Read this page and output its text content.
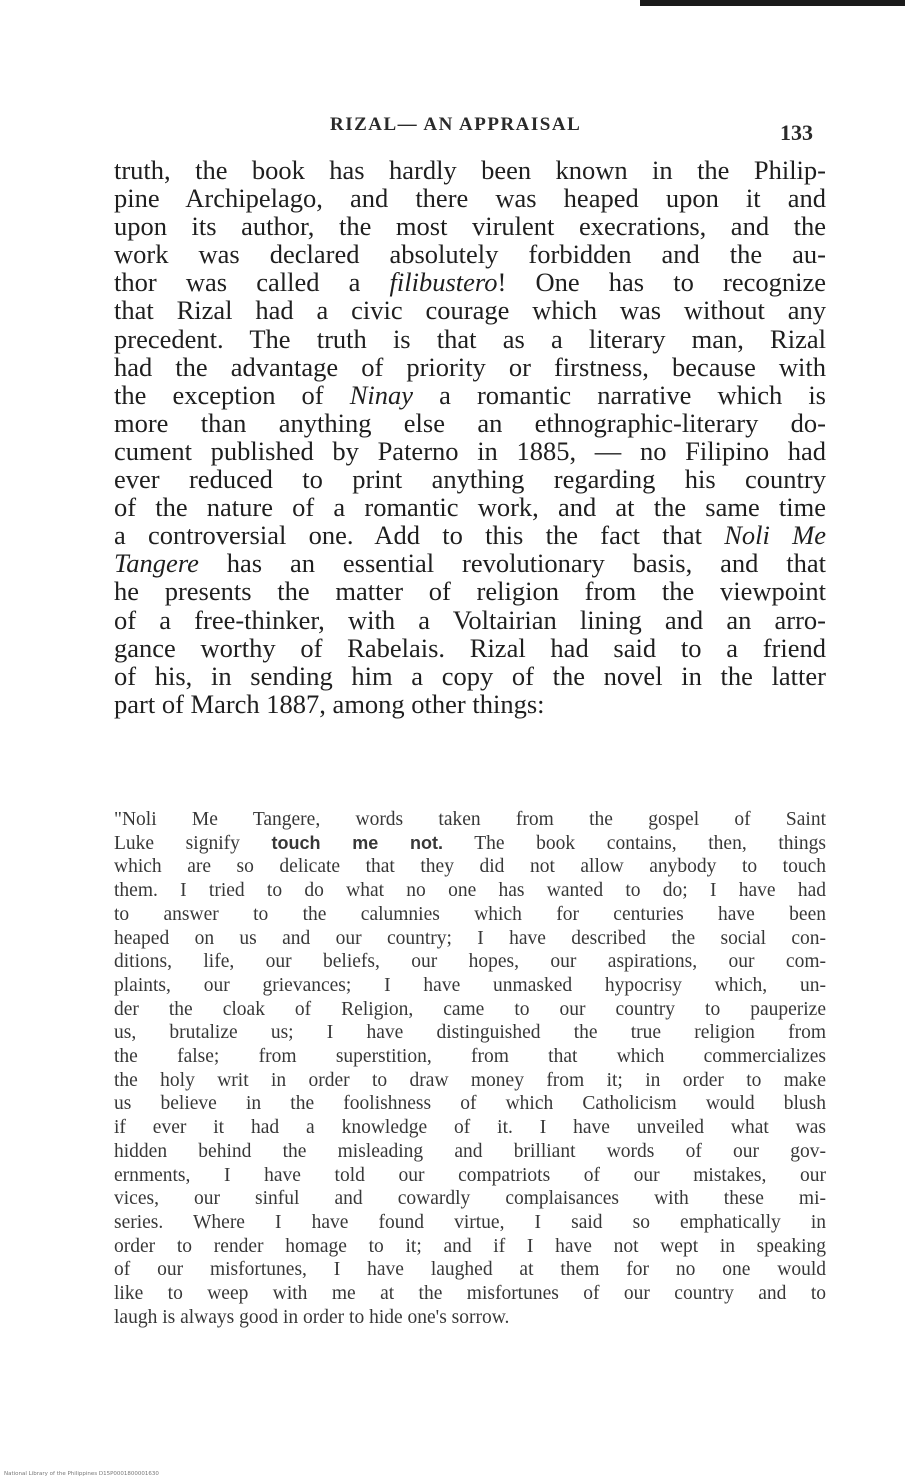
RIZAL— AN APPRAISAL	133
truth, the book has hardly been known in the Philip-
pine Archipelago, and there was heaped upon it and
upon its author, the most virulent execrations, and the
work was declared absolutely forbidden and the au-
thor was called a filibustero! One has to recognize
that Rizal had a civic courage which was without any
precedent. The truth is that as a literary man, Rizal
had the advantage of priority or firstness, because with
the exception of Ninay a romantic narrative which is
more than anything else an ethnographic-literary do-
cument published by Paterno in 1885, — no Filipino had
ever reduced to print anything regarding his country
of the nature of a romantic work, and at the same time
a controversial one. Add to this the fact that Noli Me
Tangere has an essential revolutionary basis, and that
he presents the matter of religion from the viewpoint
of a free-thinker, with a Voltairian lining and an arro-
gance worthy of Rabelais. Rizal had said to a friend
of his, in sending him a copy of the novel in the latter
part of March 1887, among other things:
"Noli Me Tangere, words taken from the gospel of Saint
Luke signify touch me not. The book contains, then, things
which are so delicate that they did not allow anybody to touch
them. I tried to do what no one has wanted to do; I have had
to answer to the calumnies which for centuries have been
heaped on us and our country; I have described the social con-
ditions, life, our beliefs, our hopes, our aspirations, our com-
plaints, our grievances; I have unmasked hypocrisy which, un-
der the cloak of Religion, came to our country to pauperize
us, brutalize us; I have distinguished the true religion from
the false; from superstition, from that which commercializes
the holy writ in order to draw money from it; in order to make
us believe in the foolishness of which Catholicism would blush
if ever it had a knowledge of it. I have unveiled what was
hidden behind the misleading and brilliant words of our gov-
ernments, I have told our compatriots of our mistakes, our
vices, our sinful and cowardly complaisances with these mi-
series. Where I have found virtue, I said so emphatically in
order to render homage to it; and if I have not wept in speaking
of our misfortunes, I have laughed at them for no one would
like to weep with me at the misfortunes of our country and to
laugh is always good in order to hide one's sorrow.
National Library of the Philippines D15P0001800001630
